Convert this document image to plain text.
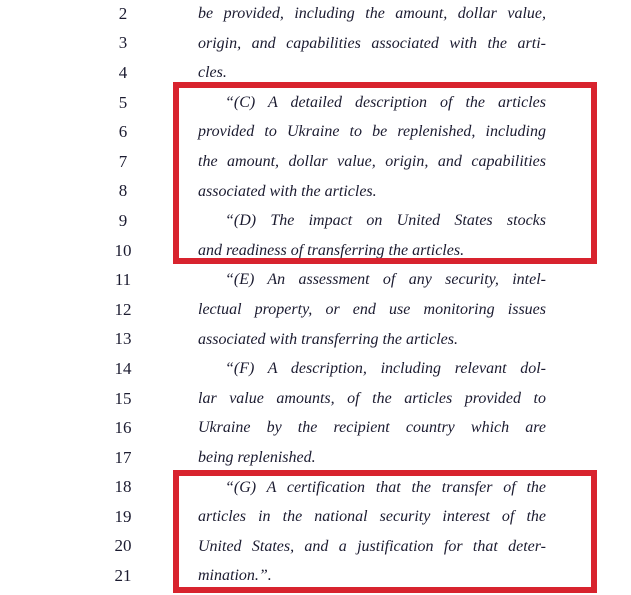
2	be provided, including the amount, dollar value,
3	origin, and capabilities associated with the arti-
4	cles.
5	“(C) A detailed description of the articles
6	provided to Ukraine to be replenished, including
7	the amount, dollar value, origin, and capabilities
8	associated with the articles.
9	“(D) The impact on United States stocks
10	and readiness of transferring the articles.
11	“(E) An assessment of any security, intel-
12	lectual property, or end use monitoring issues
13	associated with transferring the articles.
14	“(F) A description, including relevant dol-
15	lar value amounts, of the articles provided to
16	Ukraine by the recipient country which are
17	being replenished.
18	“(G) A certification that the transfer of the
19	articles in the national security interest of the
20	United States, and a justification for that deter-
21	mination.”.
